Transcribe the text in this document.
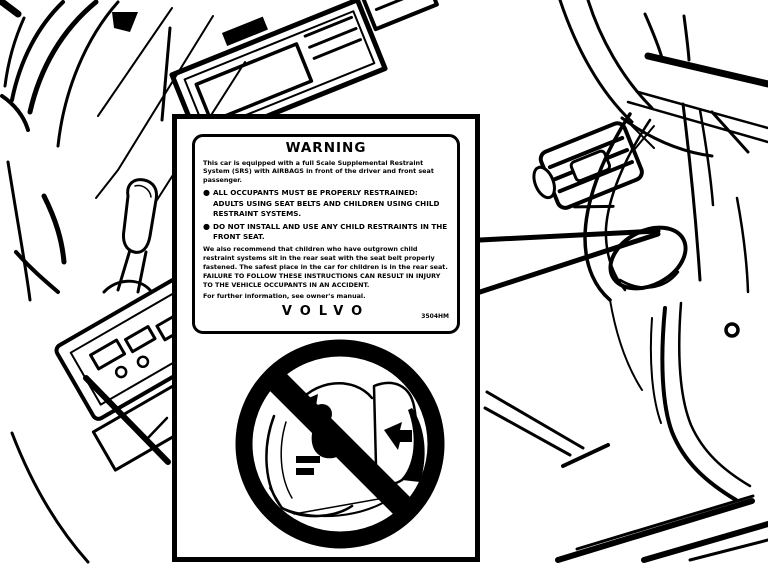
WARNING
This car is equipped with a full Scale Supplemental Restraint System (SRS) with AIRBAGS in front of the driver and front seat passenger.
● ALL OCCUPANTS MUST BE PROPERLY RESTRAINED: ADULTS USING SEAT BELTS AND CHILDREN USING CHILD RESTRAINT SYSTEMS.
● DO NOT INSTALL AND USE ANY CHILD RESTRAINTS IN THE FRONT SEAT.
We also recommend that children who have outgrown child restraint systems sit in the rear seat with the seat belt properly fastened. The safest place in the car for children is in the rear seat. FAILURE TO FOLLOW THESE INSTRUCTIONS CAN RESULT IN INJURY TO THE VEHICLE OCCUPANTS IN AN ACCIDENT.
For further information, see owner's manual.
VOLVO	3504HM
